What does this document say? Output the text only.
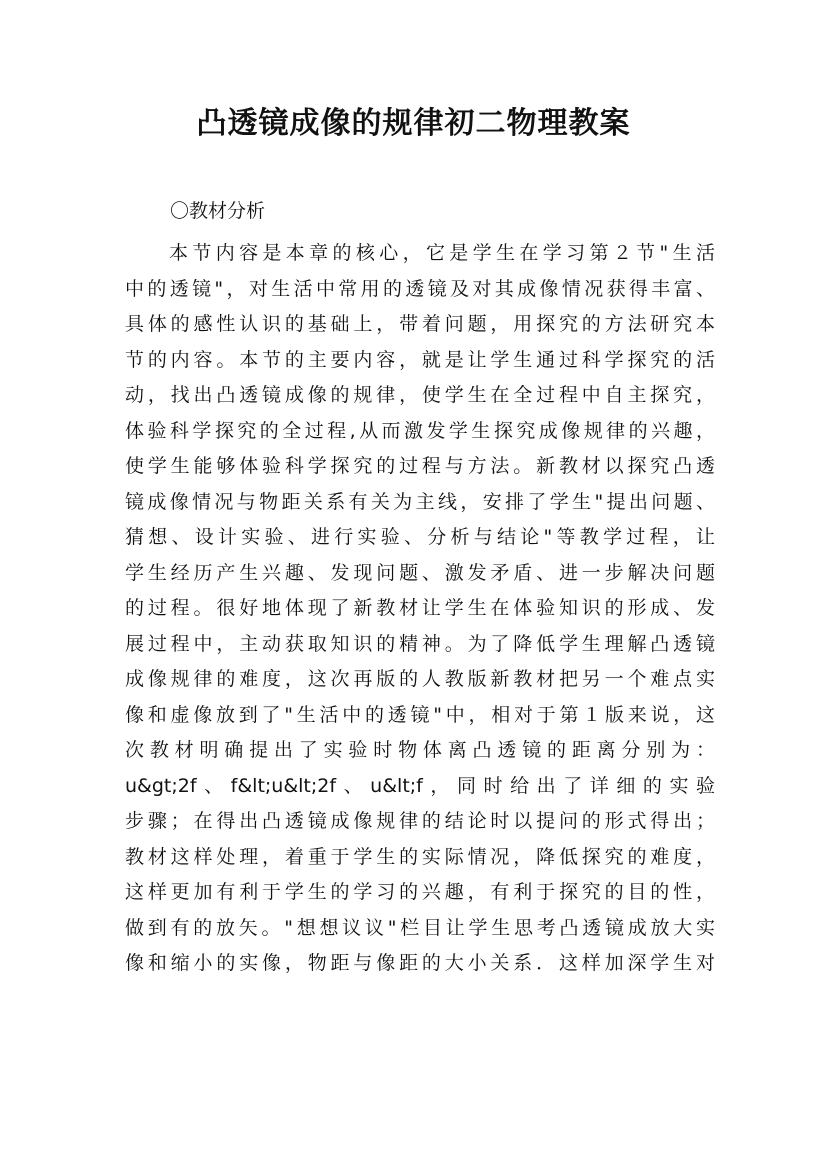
凸透镜成像的规律初二物理教案
〇教材分析
本节内容是本章的核心，它是学生在学习第２节"生活
中的透镜"，对生活中常用的透镜及对其成像情况获得丰富、
具体的感性认识的基础上，带着问题，用探究的方法研究本
节的内容。本节的主要内容，就是让学生通过科学探究的活
动，找出凸透镜成像的规律，使学生在全过程中自主探究，
体验科学探究的全过程,从而激发学生探究成像规律的兴趣，
使学生能够体验科学探究的过程与方法。新教材以探究凸透
镜成像情况与物距关系有关为主线，安排了学生"提出问题、
猜想、设计实验、进行实验、分析与结论"等教学过程，让
学生经历产生兴趣、发现问题、激发矛盾、进一步解决问题
的过程。很好地体现了新教材让学生在体验知识的形成、发
展过程中，主动获取知识的精神。为了降低学生理解凸透镜
成像规律的难度，这次再版的人教版新教材把另一个难点实
像和虚像放到了"生活中的透镜"中，相对于第１版来说，这
次教材明确提出了实验时物体离凸透镜的距离分别为：
u&gt;2f、f&lt;u&lt;2f、u&lt;f，同时给出了详细的实验
步骤；在得出凸透镜成像规律的结论时以提问的形式得出；
教材这样处理，着重于学生的实际情况，降低探究的难度，
这样更加有利于学生的学习的兴趣，有利于探究的目的性，
做到有的放矢。"想想议议"栏目让学生思考凸透镜成放大实
像和缩小的实像，物距与像距的大小关系．这样加深学生对
